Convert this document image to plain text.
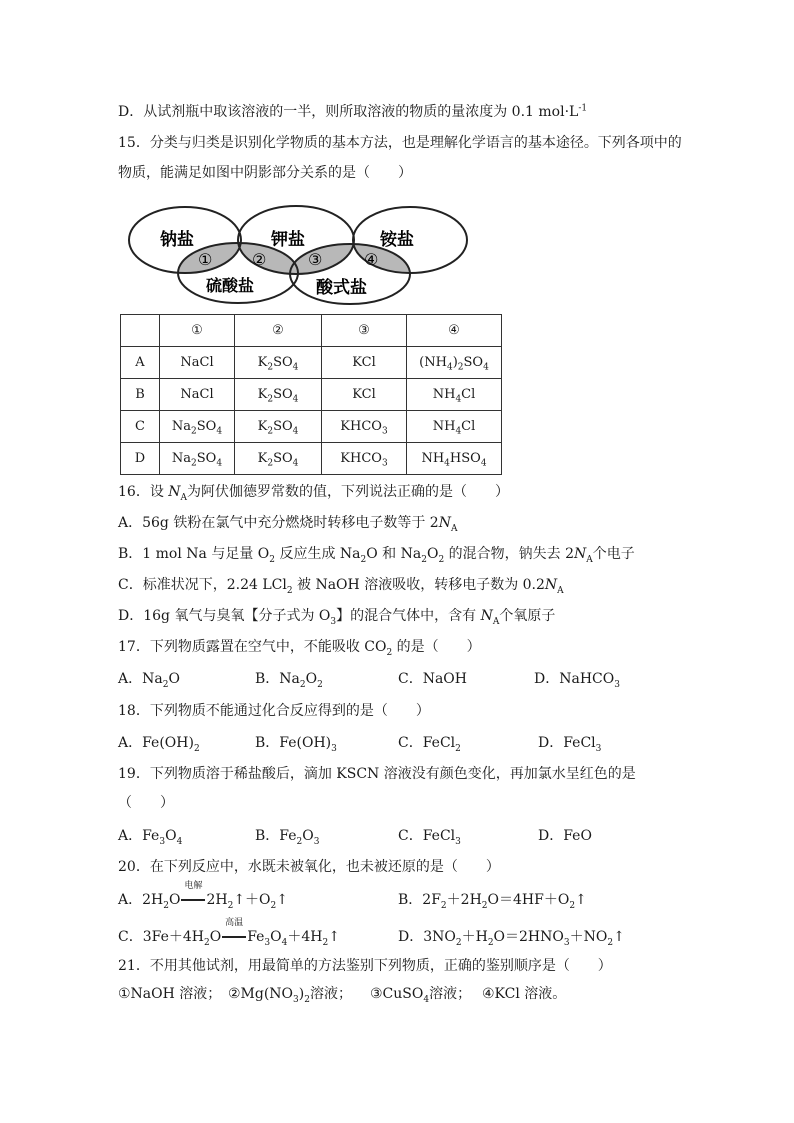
D．从试剂瓶中取该溶液的一半，则所取溶液的物质的量浓度为 0.1 $mol\cdot L^{-1}$
15．分类与归类是识别化学物质的基本方法，也是理解化学语言的基本途径。下列各项中的
物质，能满足如图中阴影部分关系的是（　　）
钠盐	钾盐	铵盐
硫酸盐	酸式盐
① ②	③	④
	①	②	③	④
A	NaCl	$K_2SO_4$	KCl	$(NH_4)_2SO_4$
B	NaCl	$K_2SO_4$	KCl	$NH_4Cl$
C	$Na_2SO_4$	$K_2SO_4$	$KHCO_3$	$NH_4Cl$
D	$Na_2SO_4$	$K_2SO_4$	$KHCO_3$	$NH_4HSO_4$
16．设 $N_A$为阿伏伽德罗常数的值，下列说法正确的是（　　）
A．56g 铁粉在氯气中充分燃烧时转移电子数等于 $2N_A$
B．1 mol Na 与足量 $O_2$ 反应生成 $Na_2O$ 和 $Na_2O_2$ 的混合物，钠失去 $2N_A$个电子
C．标准状况下，2.24 LCl$_2$ 被 NaOH 溶液吸收，转移电子数为 $0.2N_A$
D．16g 氧气与臭氧【分子式为 $O_3$】的混合气体中，含有 $N_A$个氧原子
17．下列物质露置在空气中，不能吸收 $CO_2$ 的是（　　）
A．$Na_2O$	B．$Na_2O_2$	C．NaOH	D．NaHCO$_3$
18．下列物质不能通过化合反应得到的是（　　）
A．$Fe(OH)_2$	B．$Fe(OH)_3$	C．FeCl$_2$	D．FeCl$_3$
19．下列物质溶于稀盐酸后，滴加 KSCN 溶液没有颜色变化，再加氯水呈红色的是
（　　）
A．$Fe_3O_4$	B．$Fe_2O_3$	C．FeCl$_3$	D．FeO
20．在下列反应中，水既未被氧化，也未被还原的是（　　）
A．$2H_2O$
电解
$2H_2↑+O_2↑$	B．$2F_2+2H_2O=4HF+O_2↑$
C．$3Fe+4H_2O$
高温
$Fe_3O_4+4H_2↑$	D．$3NO_2+H_2O=2HNO_3+NO_2↑$
21．不用其他试剂，用最简单的方法鉴别下列物质，正确的鉴别顺序是（　　）
①NaOH 溶液； $②Mg(NO_3)_2$溶液； ③CuSO$_4$溶液； ④KCl 溶液。
